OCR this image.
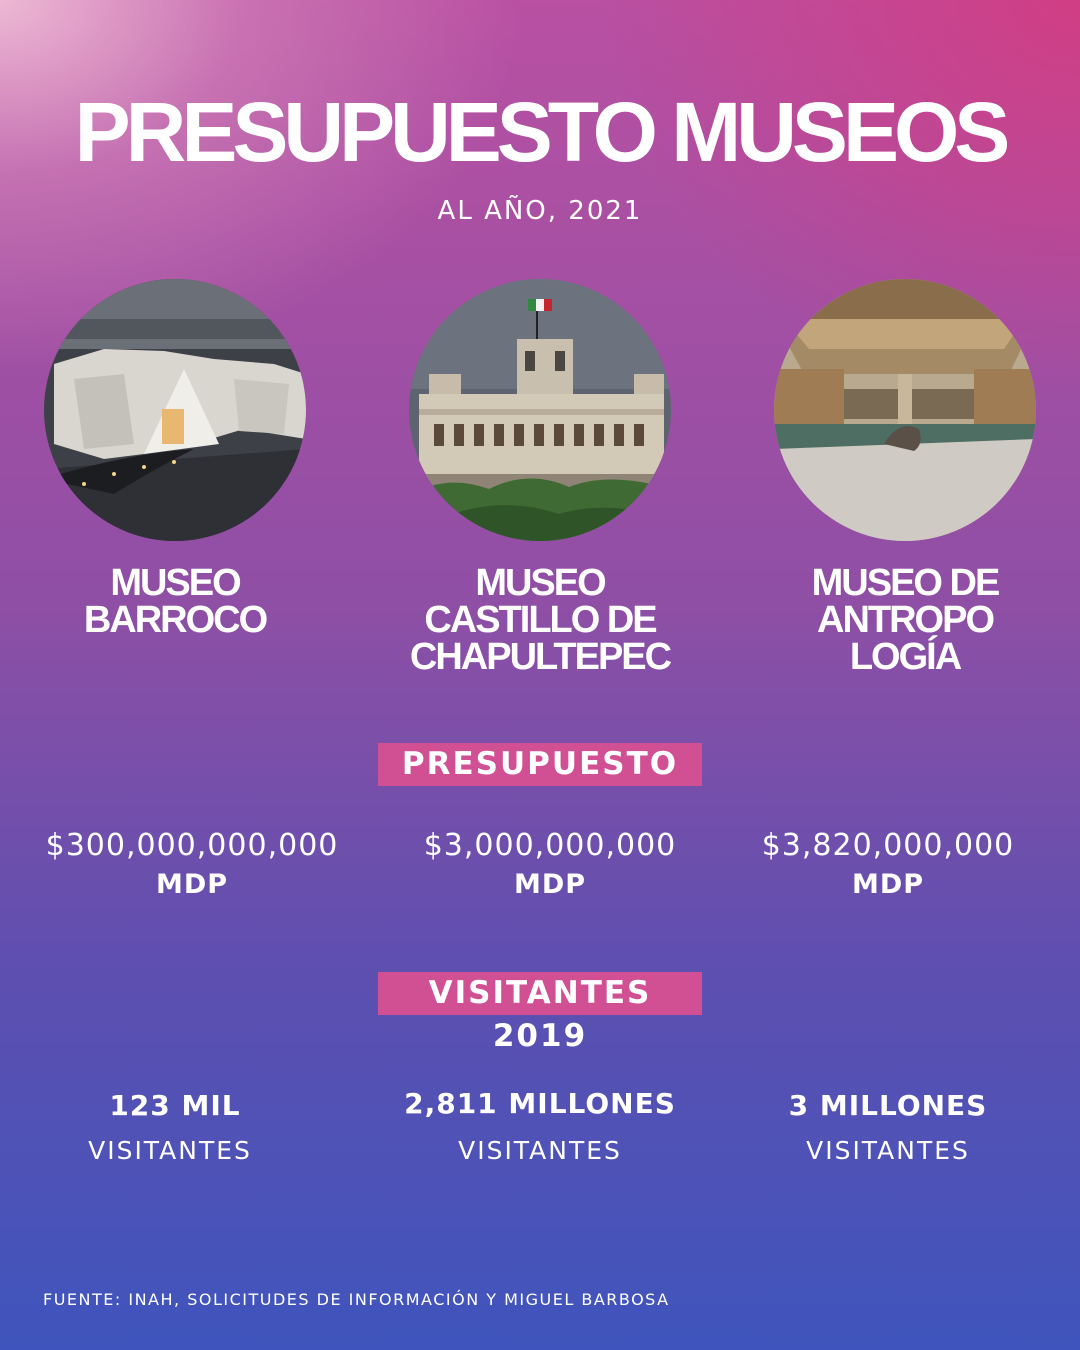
PRESUPUESTO MUSEOS
AL AÑO, 2021
MUSEO
BARROCO
MUSEO
CASTILLO DE
CHAPULTEPEC
MUSEO DE
ANTROPO
LOGÍA
PRESUPUESTO
$300,000,000,000
MDP
$3,000,000,000
MDP
$3,820,000,000
MDP
VISITANTES 2019
123 MIL
VISITANTES
2,811 MILLONES
VISITANTES
3 MILLONES
VISITANTES
FUENTE: INAH, SOLICITUDES DE INFORMACIÓN Y MIGUEL BARBOSA
